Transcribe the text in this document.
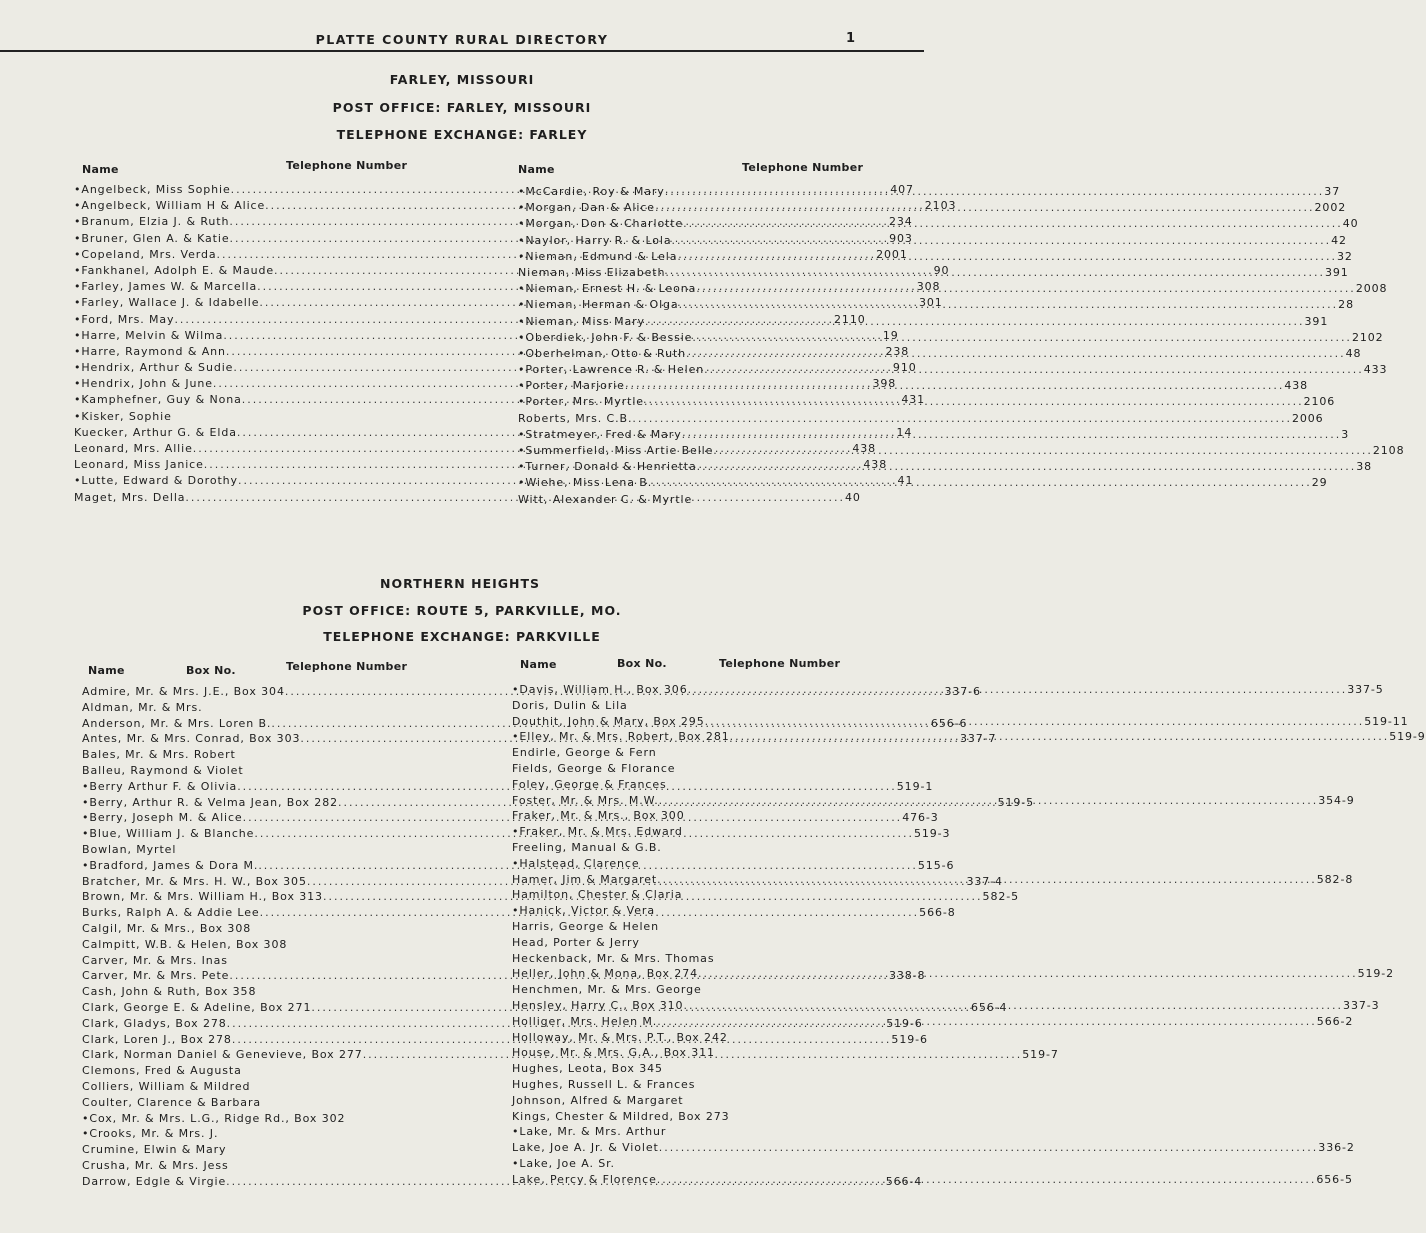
PLATTE COUNTY RURAL DIRECTORY	1
FARLEY, MISSOURI
POST OFFICE: FARLEY, MISSOURI
TELEPHONE EXCHANGE: FARLEY
Name	Telephone Number	Name	Telephone Number
•Angelbeck, Miss Sophie .....	407
•Angelbeck, William H & Alice .....	2103
•Branum, Elzia J. & Ruth .....	234
•Bruner, Glen A. & Katie .....	903
•Copeland, Mrs. Verda .....	2001
•Fankhanel, Adolph E. & Maude .....	90
•Farley, James W. & Marcella .....	308
•Farley, Wallace J. & Idabelle .....	301
•Ford, Mrs. May .....	2110
•Harre, Melvin & Wilma .....	19
•Harre, Raymond & Ann .....	238
•Hendrix, Arthur & Sudie .....	910
•Hendrix, John & June .....	398
•Kamphefner, Guy & Nona .....	431
•Kisker, Sophie
Kuecker, Arthur G. & Elda .....	14
Leonard, Mrs. Allie .....	438
Leonard, Miss Janice .....	438
•Lutte, Edward & Dorothy .....	41
Maget, Mrs. Della .....	40
•McCardie, Roy & Mary .....	37
•Morgan, Dan & Alice .....	2002
•Morgan, Don & Charlotte .....	40
•Naylor, Harry R. & Lola .....	42
•Nieman, Edmund & Lela .....	32
Nieman, Miss Elizabeth .....	391
•Nieman, Ernest H. & Leona .....	2008
•Nieman, Herman & Olga .....	28
•Nieman, Miss Mary .....	391
•Oberdiek, John F. & Bessie .....	2102
•Oberhelman, Otto & Ruth .....	48
•Porter, Lawrence R. & Helen .....	433
•Porter, Marjorie .....	438
•Porter, Mrs. Myrtle .....	2106
Roberts, Mrs. C.B. .....	2006
•Stratmeyer, Fred & Mary .....	3
•Summerfield, Miss Artie Belle .....	2108
•Turner, Donald & Henrietta .....	38
•Wiehe, Miss Lena B. .....	29
Witt, Alexander C. & Myrtle
NORTHERN HEIGHTS
POST OFFICE: ROUTE 5, PARKVILLE, MO.
TELEPHONE EXCHANGE: PARKVILLE
Name	Box No.	Telephone Number	Name	Box No.	Telephone Number
Admire, Mr. & Mrs. J.E., Box 304 .....	337-6
Aldman, Mr. & Mrs.
Anderson, Mr. & Mrs. Loren B. .....	656-6
Antes, Mr. & Mrs. Conrad, Box 303 .....	337-7
Bales, Mr. & Mrs. Robert
Balleu, Raymond & Violet
•Berry Arthur F. & Olivia .....	519-1
•Berry, Arthur R. & Velma Jean, Box 282 .....	519-5
•Berry, Joseph M. & Alice .....	476-3
•Blue, William J. & Blanche .....	519-3
Bowlan, Myrtel
•Bradford, James & Dora M. .....	515-6
Bratcher, Mr. & Mrs. H. W., Box 305 .....	337-4
Brown, Mr. & Mrs. William H., Box 313 .....	582-5
Burks, Ralph A. & Addie Lee .....	566-8
Calgil, Mr. & Mrs., Box 308
Calmpitt, W.B. & Helen, Box 308
Carver, Mr. & Mrs. Inas
Carver, Mr. & Mrs. Pete .....	338-8
Cash, John & Ruth, Box 358
Clark, George E. & Adeline, Box 271 .....	656-4
Clark, Gladys, Box 278 .....	519-6
Clark, Loren J., Box 278 .....	519-6
Clark, Norman Daniel & Genevieve, Box 277 .....	519-7
Clemons, Fred & Augusta
Colliers, William & Mildred
Coulter, Clarence & Barbara
•Cox, Mr. & Mrs. L.G., Ridge Rd., Box 302
•Crooks, Mr. & Mrs. J.
Crumine, Elwin & Mary
Crusha, Mr. & Mrs. Jess
Darrow, Edgle & Virgie .....	566-4
•Davis, William H., Box 306 .....	337-5
Doris, Dulin & Lila
Douthit, John & Mary, Box 295 .....	519-11
•Elley, Mr. & Mrs. Robert, Box 281 .....	519-9
Endirle, George & Fern
Fields, George & Florance
Foley, George & Frances
Foster, Mr. & Mrs. M.W. .....	354-9
Fraker, Mr. & Mrs., Box 300
•Fraker, Mr. & Mrs. Edward
Freeling, Manual & G.B.
•Halstead, Clarence
Hamer, Jim & Margaret .....	582-8
Hamilton, Chester & Claria
•Hanick, Victor & Vera
Harris, George & Helen
Head, Porter & Jerry
Heckenback, Mr. & Mrs. Thomas
Heller, John & Mona, Box 274 .....	519-2
Henchmen, Mr. & Mrs. George
Hensley, Harry C., Box 310 .....	337-3
Holliger, Mrs. Helen M. .....	566-2
Holloway, Mr. & Mrs. P.T., Box 242
House, Mr. & Mrs. G.A., Box 311
Hughes, Leota, Box 345
Hughes, Russell L. & Frances
Johnson, Alfred & Margaret
Kings, Chester & Mildred, Box 273
•Lake, Mr. & Mrs. Arthur
Lake, Joe A. Jr. & Violet .....	336-2
•Lake, Joe A. Sr.
Lake, Percy & Florence .....	656-5
